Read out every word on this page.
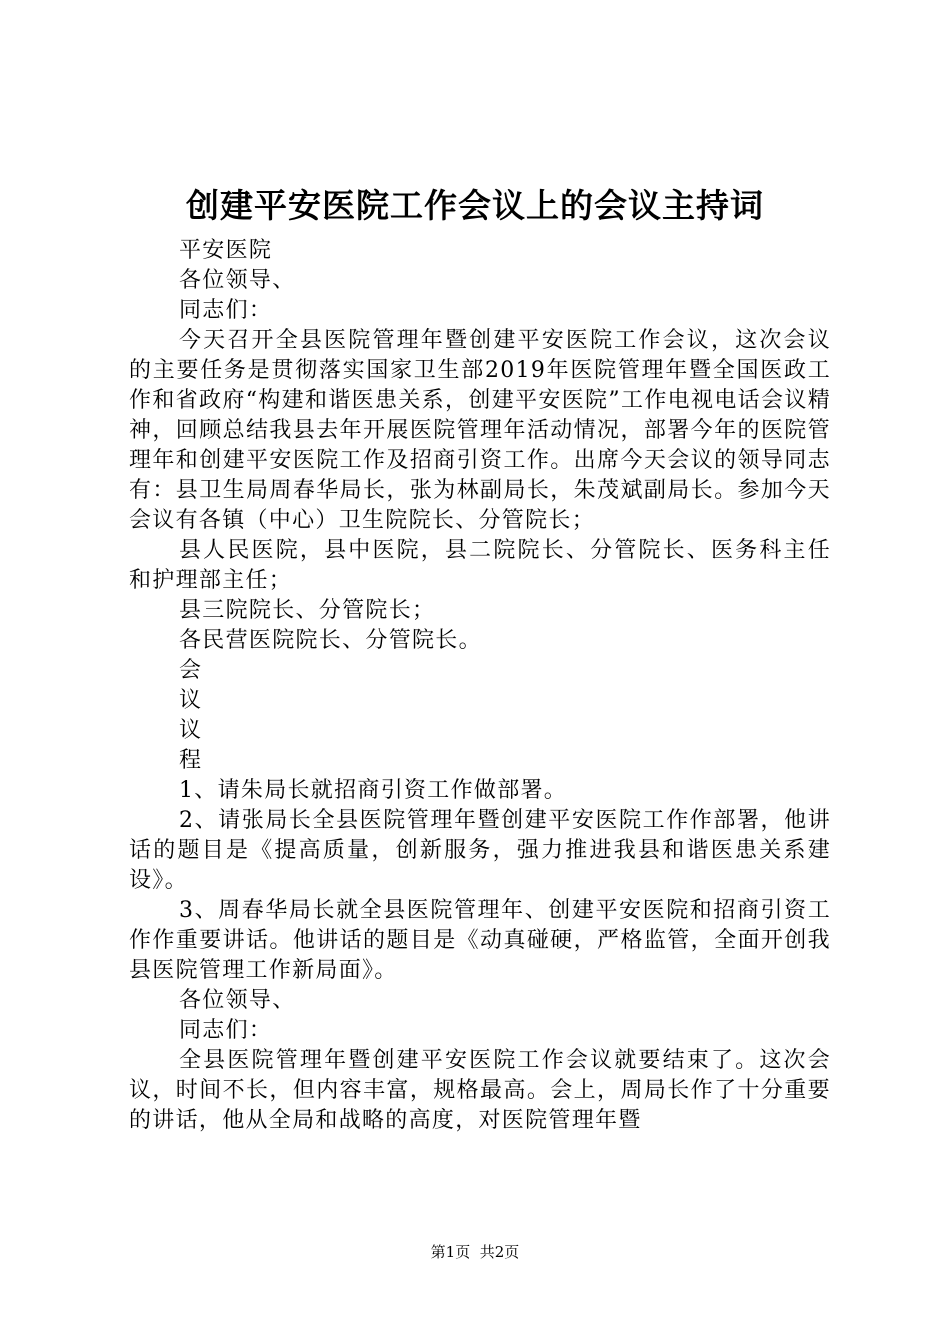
创建平安医院工作会议上的会议主持词

平安医院

各位领导、

同志们：

今天召开全县医院管理年暨创建平安医院工作会议，这次会议的主要任务是贯彻落实国家卫生部2019年医院管理年暨全国医政工作和省政府“构建和谐医患关系，创建平安医院”工作电视电话会议精神，回顾总结我县去年开展医院管理年活动情况，部署今年的医院管理年和创建平安医院工作及招商引资工作。出席今天会议的领导同志有：县卫生局周春华局长，张为林副局长，朱茂斌副局长。参加今天会议有各镇（中心）卫生院院长、分管院长；

县人民医院，县中医院，县二院院长、分管院长、医务科主任和护理部主任；

县三院院长、分管院长；

各民营医院院长、分管院长。

会

议

议

程

1、请朱局长就招商引资工作做部署。

2、请张局长全县医院管理年暨创建平安医院工作作部署，他讲话的题目是《提高质量，创新服务，强力推进我县和谐医患关系建设》。

3、周春华局长就全县医院管理年、创建平安医院和招商引资工作作重要讲话。他讲话的题目是《动真碰硬，严格监管，全面开创我县医院管理工作新局面》。

各位领导、

同志们：

全县医院管理年暨创建平安医院工作会议就要结束了。这次会议，时间不长，但内容丰富，规格最高。会上，周局长作了十分重要的讲话，他从全局和战略的高度，对医院管理年暨

第1页 共2页
